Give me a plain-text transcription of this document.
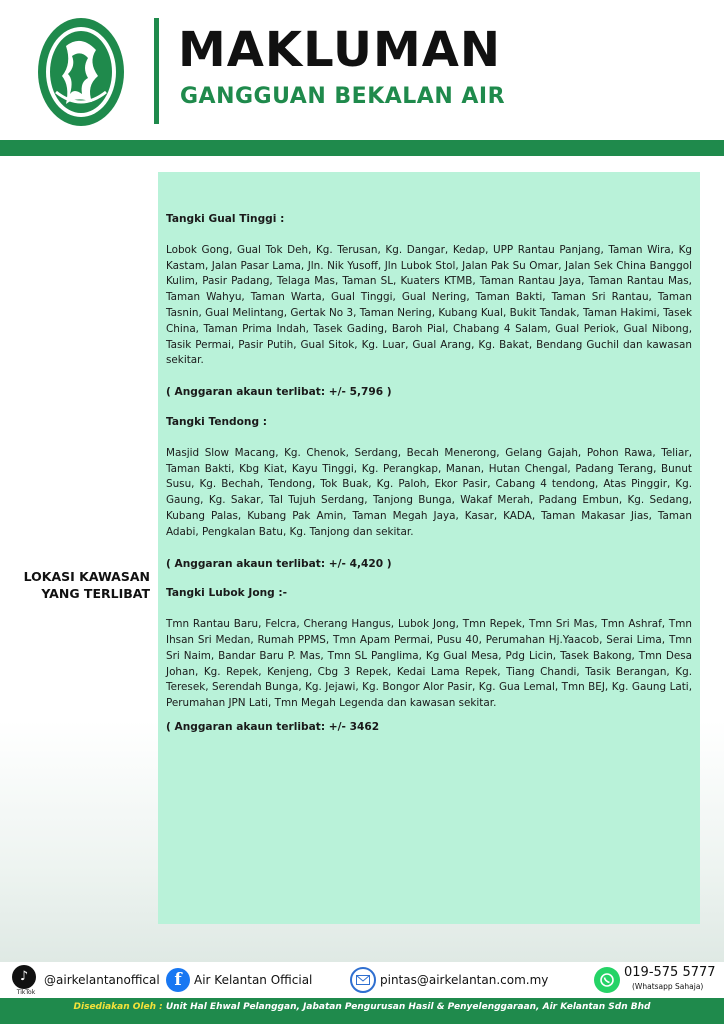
MAKLUMAN
GANGGUAN BEKALAN AIR
LOKASI KAWASAN
YANG TERLIBAT
Tangki Gual Tinggi :
Lobok Gong, Gual Tok Deh, Kg. Terusan, Kg. Dangar, Kedap, UPP Rantau Panjang, Taman Wira, Kg Kastam, Jalan Pasar Lama, Jln. Nik Yusoff, Jln Lubok Stol, Jalan Pak Su Omar, Jalan Sek China Banggol Kulim, Pasir Padang, Telaga Mas, Taman SL, Kuaters KTMB, Taman Rantau Jaya, Taman Rantau Mas, Taman Wahyu, Taman Warta, Gual Tinggi, Gual Nering, Taman Bakti, Taman Sri Rantau, Taman Tasnin, Gual Melintang, Gertak No 3, Taman Nering, Kubang Kual, Bukit Tandak, Taman Hakimi, Tasek China, Taman Prima Indah, Tasek Gading, Baroh Pial, Chabang 4 Salam, Gual Periok, Gual Nibong, Tasik Permai, Pasir Putih, Gual Sitok, Kg. Luar, Gual Arang, Kg. Bakat, Bendang Guchil dan kawasan sekitar.
( Anggaran akaun terlibat: +/- 5,796 )
Tangki Tendong :
Masjid Slow Macang, Kg. Chenok, Serdang, Becah Menerong, Gelang Gajah, Pohon Rawa, Teliar, Taman Bakti, Kbg Kiat, Kayu Tinggi, Kg. Perangkap, Manan, Hutan Chengal, Padang Terang, Bunut Susu, Kg. Bechah, Tendong, Tok Buak, Kg. Paloh, Ekor Pasir, Cabang 4 tendong, Atas Pinggir, Kg. Gaung, Kg. Sakar, Tal Tujuh Serdang, Tanjong Bunga, Wakaf Merah, Padang Embun, Kg. Sedang, Kubang Palas, Kubang Pak Amin, Taman Megah Jaya, Kasar, KADA, Taman Makasar Jias, Taman Adabi, Pengkalan Batu, Kg. Tanjong dan sekitar.
( Anggaran akaun terlibat: +/- 4,420 )
Tangki Lubok Jong :-
Tmn Rantau Baru, Felcra, Cherang Hangus, Lubok Jong, Tmn Repek, Tmn Sri Mas, Tmn Ashraf, Tmn Ihsan Sri Medan, Rumah PPMS, Tmn Apam Permai, Pusu 40, Perumahan Hj.Yaacob, Serai Lima, Tmn Sri Naim, Bandar Baru P. Mas, Tmn SL Panglima, Kg Gual Mesa, Pdg Licin, Tasek Bakong, Tmn Desa Johan, Kg. Repek, Kenjeng, Cbg 3 Repek, Kedai Lama Repek, Tiang Chandi, Tasik Berangan, Kg. Teresek, Serendah Bunga, Kg. Jejawi, Kg. Bongor Alor Pasir, Kg. Gua Lemal, Tmn BEJ, Kg. Gaung Lati, Perumahan JPN Lati, Tmn Megah Legenda dan kawasan sekitar.
( Anggaran akaun terlibat: +/- 3462
♪
TikTok
@airkelantanoffical f	Air Kelantan Official	pintas@airkelantan.com.my	019-575 5777
(Whatsapp Sahaja)
Disediakan Oleh : Unit Hal Ehwal Pelanggan, Jabatan Pengurusan Hasil & Penyelenggaraan, Air Kelantan Sdn Bhd
